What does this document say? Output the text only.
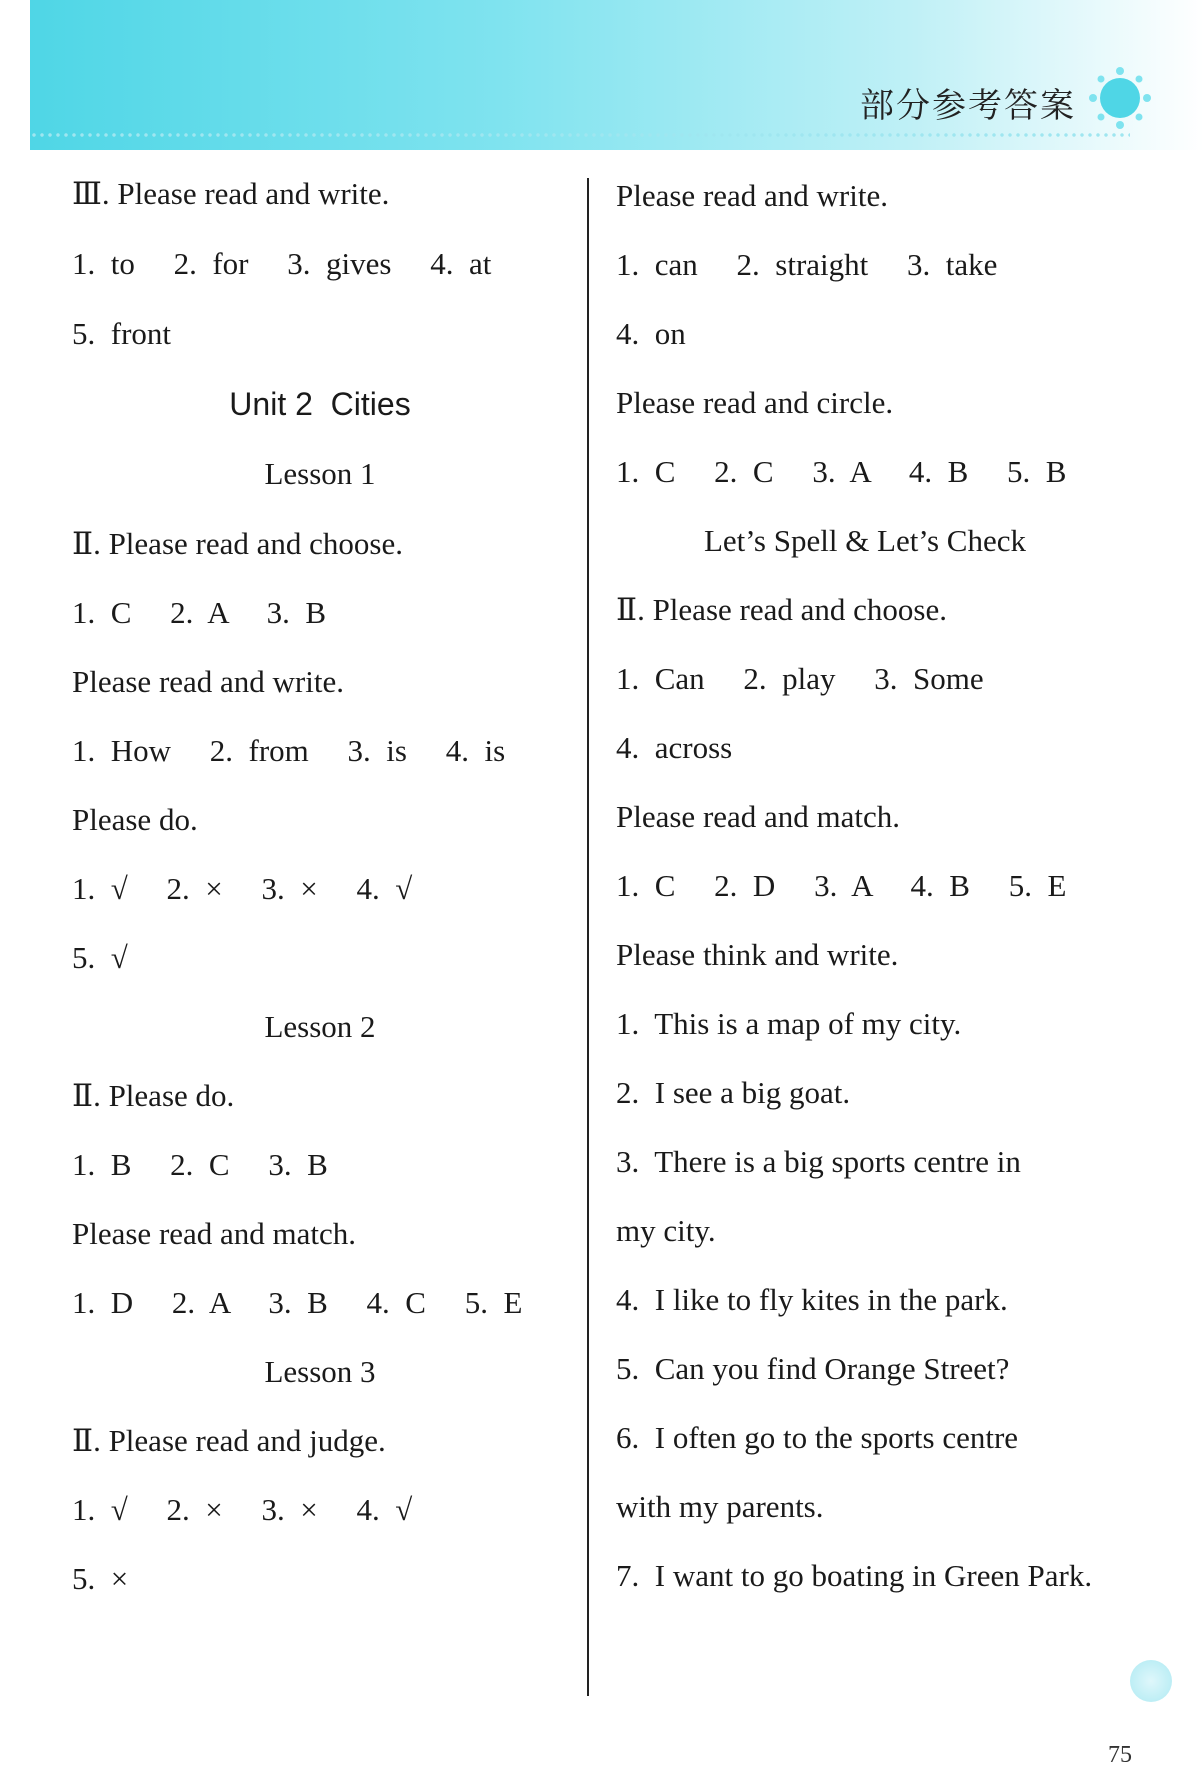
部分参考答案
Ⅲ. Please read and write.
1.  to     2.  for     3.  gives     4.  at
5.  front
Unit 2  Cities
Lesson 1
Ⅱ. Please read and choose.
1.  C     2.  A     3.  B
Please read and write.
1.  How     2.  from     3.  is     4.  is
Please do.
1.  √     2.  ×     3.  ×     4.  √
5.  √
Lesson 2
Ⅱ. Please do.
1.  B     2.  C     3.  B
Please read and match.
1.  D     2.  A     3.  B     4.  C     5.  E
Lesson 3
Ⅱ. Please read and judge.
1.  √     2.  ×     3.  ×     4.  √
5.  ×
Please read and write.
1.  can     2.  straight     3.  take
4.  on
Please read and circle.
1.  C     2.  C     3.  A     4.  B     5.  B
Let’s Spell & Let’s Check
Ⅱ. Please read and choose.
1.  Can     2.  play     3.  Some
4.  across
Please read and match.
1.  C     2.  D     3.  A     4.  B     5.  E
Please think and write.
1.  This is a map of my city.
2.  I see a big goat.
3.  There is a big sports centre in
my city.
4.  I like to fly kites in the park.
5.  Can you find Orange Street?
6.  I often go to the sports centre
with my parents.
7.  I want to go boating in Green Park.
75
